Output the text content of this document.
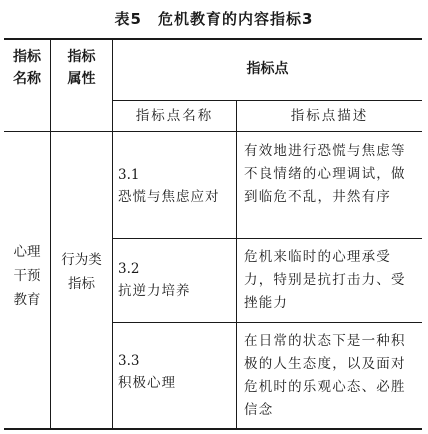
表5　危机教育的内容指标3
指标
名称
指标
属性
指标点
指标点名称	指标点描述
心理
干预
教育
行为类
指标
3.1
恐慌与焦虑应对
有效地进行恐慌与焦虑等不良情绪的心理调试，做到临危不乱，井然有序
3.2
抗逆力培养
危机来临时的心理承受力，特别是抗打击力、受挫能力
3.3
积极心理
在日常的状态下是一种积极的人生态度，以及面对危机时的乐观心态、必胜信念
